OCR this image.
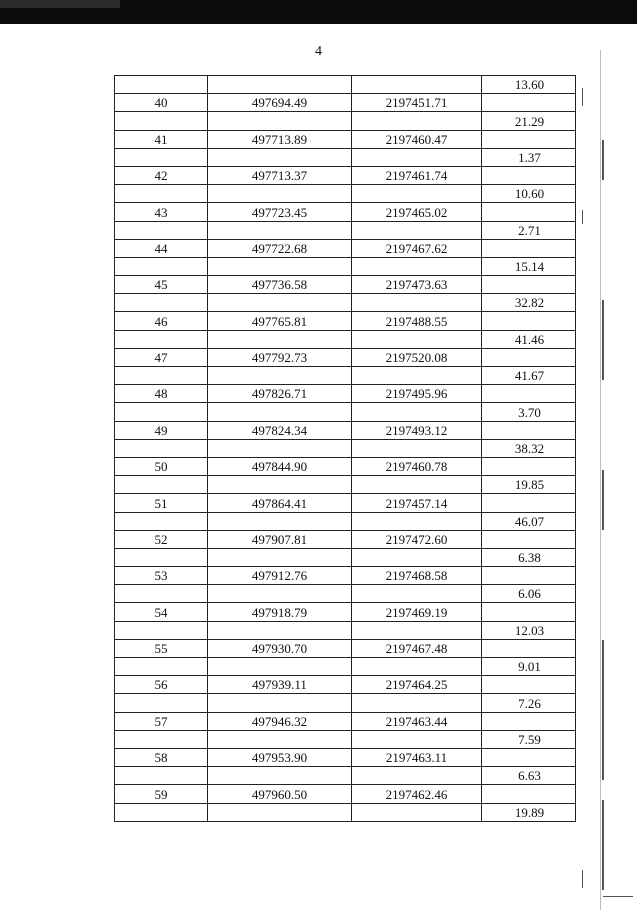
4
			13.60
40	497694.49	2197451.71	
			21.29
41	497713.89	2197460.47	
			1.37
42	497713.37	2197461.74	
			10.60
43	497723.45	2197465.02	
			2.71
44	497722.68	2197467.62	
			15.14
45	497736.58	2197473.63	
			32.82
46	497765.81	2197488.55	
			41.46
47	497792.73	2197520.08	
			41.67
48	497826.71	2197495.96	
			3.70
49	497824.34	2197493.12	
			38.32
50	497844.90	2197460.78	
			19.85
51	497864.41	2197457.14	
			46.07
52	497907.81	2197472.60	
			6.38
53	497912.76	2197468.58	
			6.06
54	497918.79	2197469.19	
			12.03
55	497930.70	2197467.48	
			9.01
56	497939.11	2197464.25	
			7.26
57	497946.32	2197463.44	
			7.59
58	497953.90	2197463.11	
			6.63
59	497960.50	2197462.46	
			19.89
